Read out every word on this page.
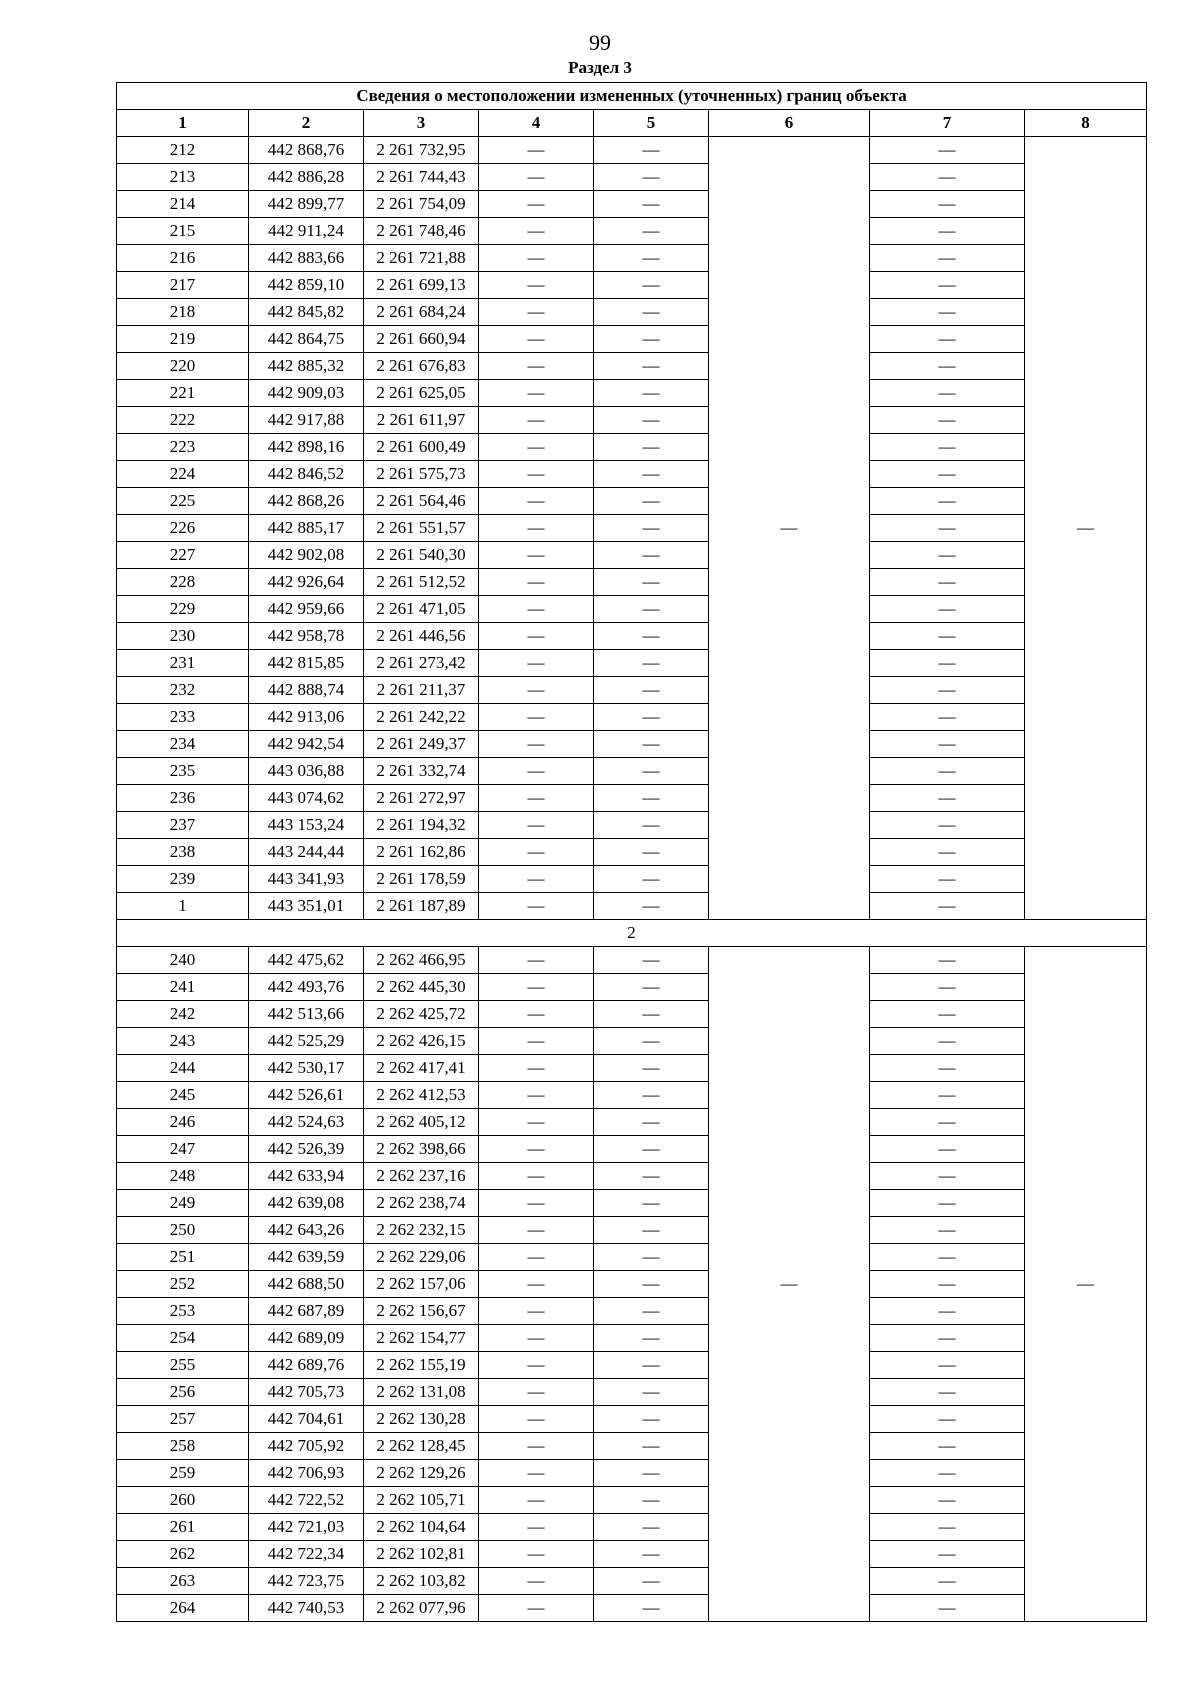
99
Раздел 3
Сведения о местоположении измененных (уточненных) границ объекта							
1	2	3	4	5	6	7	8
212	442 868,76	2 261 732,95	—	—	—	—	—
213	442 886,28	2 261 744,43	—	—		—	
214	442 899,77	2 261 754,09	—	—		—	
215	442 911,24	2 261 748,46	—	—		—	
216	442 883,66	2 261 721,88	—	—		—	
217	442 859,10	2 261 699,13	—	—		—	
218	442 845,82	2 261 684,24	—	—		—	
219	442 864,75	2 261 660,94	—	—		—	
220	442 885,32	2 261 676,83	—	—		—	
221	442 909,03	2 261 625,05	—	—		—	
222	442 917,88	2 261 611,97	—	—		—	
223	442 898,16	2 261 600,49	—	—		—	
224	442 846,52	2 261 575,73	—	—		—	
225	442 868,26	2 261 564,46	—	—		—	
226	442 885,17	2 261 551,57	—	—		—	
227	442 902,08	2 261 540,30	—	—		—	
228	442 926,64	2 261 512,52	—	—		—	
229	442 959,66	2 261 471,05	—	—		—	
230	442 958,78	2 261 446,56	—	—		—	
231	442 815,85	2 261 273,42	—	—		—	
232	442 888,74	2 261 211,37	—	—		—	
233	442 913,06	2 261 242,22	—	—		—	
234	442 942,54	2 261 249,37	—	—		—	
235	443 036,88	2 261 332,74	—	—		—	
236	443 074,62	2 261 272,97	—	—		—	
237	443 153,24	2 261 194,32	—	—		—	
238	443 244,44	2 261 162,86	—	—		—	
239	443 341,93	2 261 178,59	—	—		—	
1	443 351,01	2 261 187,89	—	—		—	
2							
240	442 475,62	2 262 466,95	—	—	—	—	—
241	442 493,76	2 262 445,30	—	—		—	
242	442 513,66	2 262 425,72	—	—		—	
243	442 525,29	2 262 426,15	—	—		—	
244	442 530,17	2 262 417,41	—	—		—	
245	442 526,61	2 262 412,53	—	—		—	
246	442 524,63	2 262 405,12	—	—		—	
247	442 526,39	2 262 398,66	—	—		—	
248	442 633,94	2 262 237,16	—	—		—	
249	442 639,08	2 262 238,74	—	—		—	
250	442 643,26	2 262 232,15	—	—		—	
251	442 639,59	2 262 229,06	—	—		—	
252	442 688,50	2 262 157,06	—	—		—	
253	442 687,89	2 262 156,67	—	—		—	
254	442 689,09	2 262 154,77	—	—		—	
255	442 689,76	2 262 155,19	—	—		—	
256	442 705,73	2 262 131,08	—	—		—	
257	442 704,61	2 262 130,28	—	—		—	
258	442 705,92	2 262 128,45	—	—		—	
259	442 706,93	2 262 129,26	—	—		—	
260	442 722,52	2 262 105,71	—	—		—	
261	442 721,03	2 262 104,64	—	—		—	
262	442 722,34	2 262 102,81	—	—		—	
263	442 723,75	2 262 103,82	—	—		—	
264	442 740,53	2 262 077,96	—	—		—	
